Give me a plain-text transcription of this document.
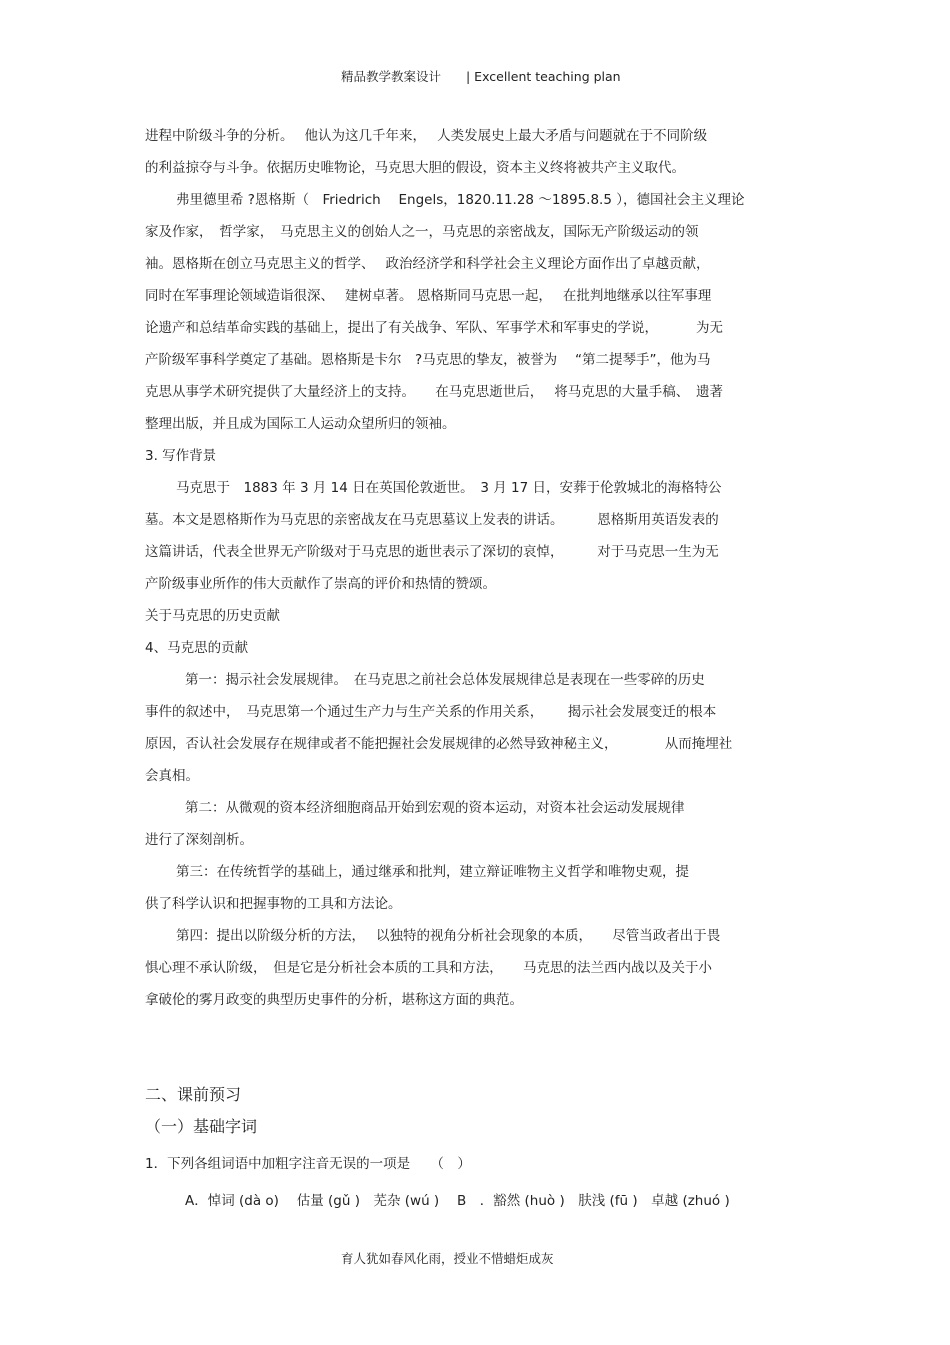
精品教学教案设计　　| Excellent teaching plan
进程中阶级斗争的分析。　 他认为这几千年来，　 人类发展史上最大矛盾与问题就在于不同阶级
的利益掠夺与斗争。依据历史唯物论，马克思大胆的假设，资本主义终将被共产主义取代。
弗里德里希 ?恩格斯（　Friedrich　 Engels，1820.11.28 ～1895.8.5 ），德国社会主义理论
家及作家，　哲学家，　马克思主义的创始人之一，马克思的亲密战友，国际无产阶级运动的领
袖。恩格斯在创立马克思主义的哲学、　 政治经济学和科学社会主义理论方面作出了卓越贡献，
同时在军事理论领域造诣很深、　 建树卓著。 恩格斯同马克思一起，　 在批判地继承以往军事理
论遗产和总结革命实践的基础上，提出了有关战争、军队、军事学术和军事史的学说，　　　 为无
产阶级军事科学奠定了基础。恩格斯是卡尔　?马克思的挚友，被誉为　 “第二提琴手”，他为马
克思从事学术研究提供了大量经济上的支持。　　在马克思逝世后，　 将马克思的大量手稿、　遗著
整理出版，并且成为国际工人运动众望所归的领袖。
3. 写作背景
马克思于　1883 年 3 月 14 日在英国伦敦逝世。　3 月 17 日，安葬于伦敦城北的海格特公
墓。本文是恩格斯作为马克思的亲密战友在马克思墓议上发表的讲话。　　　恩格斯用英语发表的
这篇讲话，代表全世界无产阶级对于马克思的逝世表示了深切的哀悼，　　　对于马克思一生为无
产阶级事业所作的伟大贡献作了崇高的评价和热情的赞颂。
关于马克思的历史贡献
4、马克思的贡献
第一：揭示社会发展规律。　在马克思之前社会总体发展规律总是表现在一些零碎的历史
事件的叙述中，　马克思第一个通过生产力与生产关系的作用关系，　　 揭示社会发展变迁的根本
原因，否认社会发展存在规律或者不能把握社会发展规律的必然导致神秘主义，　　　　从而掩埋社
会真相。
第二：从微观的资本经济细胞商品开始到宏观的资本运动，对资本社会运动发展规律
进行了深刻剖析。
第三：在传统哲学的基础上，通过继承和批判，建立辩证唯物主义哲学和唯物史观，提
供了科学认识和把握事物的工具和方法论。
第四：提出以阶级分析的方法，　 以独特的视角分析社会现象的本质，　　尽管当政者出于畏
惧心理不承认阶级，　但是它是分析社会本质的工具和方法，　　马克思的法兰西内战以及关于小
拿破伦的雾月政变的典型历史事件的分析，堪称这方面的典范。
二、课前预习
（一）基础字词
1．下列各组词语中加粗字注音无误的一项是　　（　）
A．悼词 (dà o)　 估量 (gǔ )　芜杂 (wú )　 B　．豁然 (huò )　肤浅 (fū )　卓越 (zhuó )
育人犹如春风化雨，授业不惜蜡炬成灰
